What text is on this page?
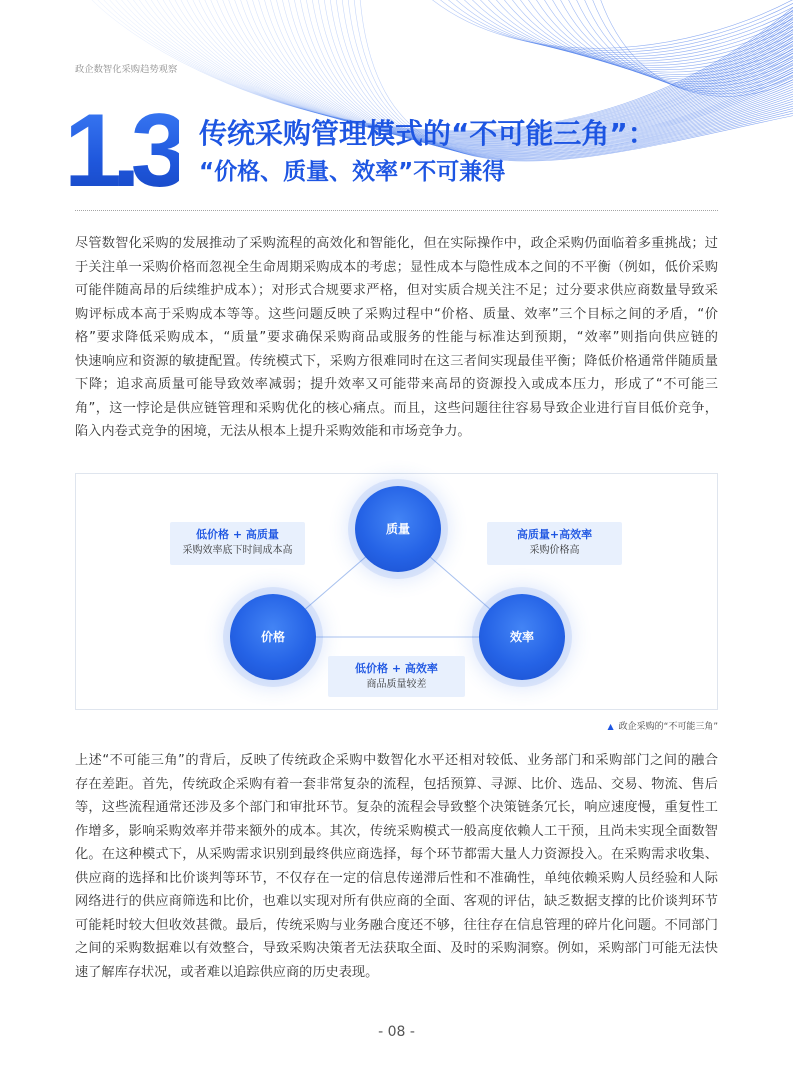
政企数智化采购趋势观察
1.3 传统采购管理模式的“不可能三角”：
“价格、质量、效率”不可兼得
尽管数智化采购的发展推动了采购流程的高效化和智能化，但在实际操作中，政企采购仍面临着多重挑战；过
于关注单一采购价格而忽视全生命周期采购成本的考虑；显性成本与隐性成本之间的不平衡（例如，低价采购
可能伴随高昂的后续维护成本）；对形式合规要求严格，但对实质合规关注不足；过分要求供应商数量导致采
购评标成本高于采购成本等等。这些问题反映了采购过程中“价格、质量、效率”三个目标之间的矛盾，“价
格”要求降低采购成本，“质量”要求确保采购商品或服务的性能与标准达到预期，“效率”则指向供应链的
快速响应和资源的敏捷配置。传统模式下，采购方很难同时在这三者间实现最佳平衡；降低价格通常伴随质量
下降；追求高质量可能导致效率减弱；提升效率又可能带来高昂的资源投入或成本压力，形成了“不可能三
角”，这一悖论是供应链管理和采购优化的核心痛点。而且，这些问题往往容易导致企业进行盲目低价竞争，
陷入内卷式竞争的困境，无法从根本上提升采购效能和市场竞争力。
质量
价格	效率
低价格 + 高质量
采购效率底下时间成本高
高质量+高效率
采购价格高
低价格 + 高效率
商品质量较差
▲ 政企采购的“不可能三角”
上述“不可能三角”的背后，反映了传统政企采购中数智化水平还相对较低、业务部门和采购部门之间的融合
存在差距。首先，传统政企采购有着一套非常复杂的流程，包括预算、寻源、比价、选品、交易、物流、售后
等，这些流程通常还涉及多个部门和审批环节。复杂的流程会导致整个决策链条冗长，响应速度慢，重复性工
作增多，影响采购效率并带来额外的成本。其次，传统采购模式一般高度依赖人工干预，且尚未实现全面数智
化。在这种模式下，从采购需求识别到最终供应商选择，每个环节都需大量人力资源投入。在采购需求收集、
供应商的选择和比价谈判等环节，不仅存在一定的信息传递滞后性和不准确性，单纯依赖采购人员经验和人际
网络进行的供应商筛选和比价，也难以实现对所有供应商的全面、客观的评估，缺乏数据支撑的比价谈判环节
可能耗时较大但收效甚微。最后，传统采购与业务融合度还不够，往往存在信息管理的碎片化问题。不同部门
之间的采购数据难以有效整合，导致采购决策者无法获取全面、及时的采购洞察。例如，采购部门可能无法快
速了解库存状况，或者难以追踪供应商的历史表现。
- 08 -
